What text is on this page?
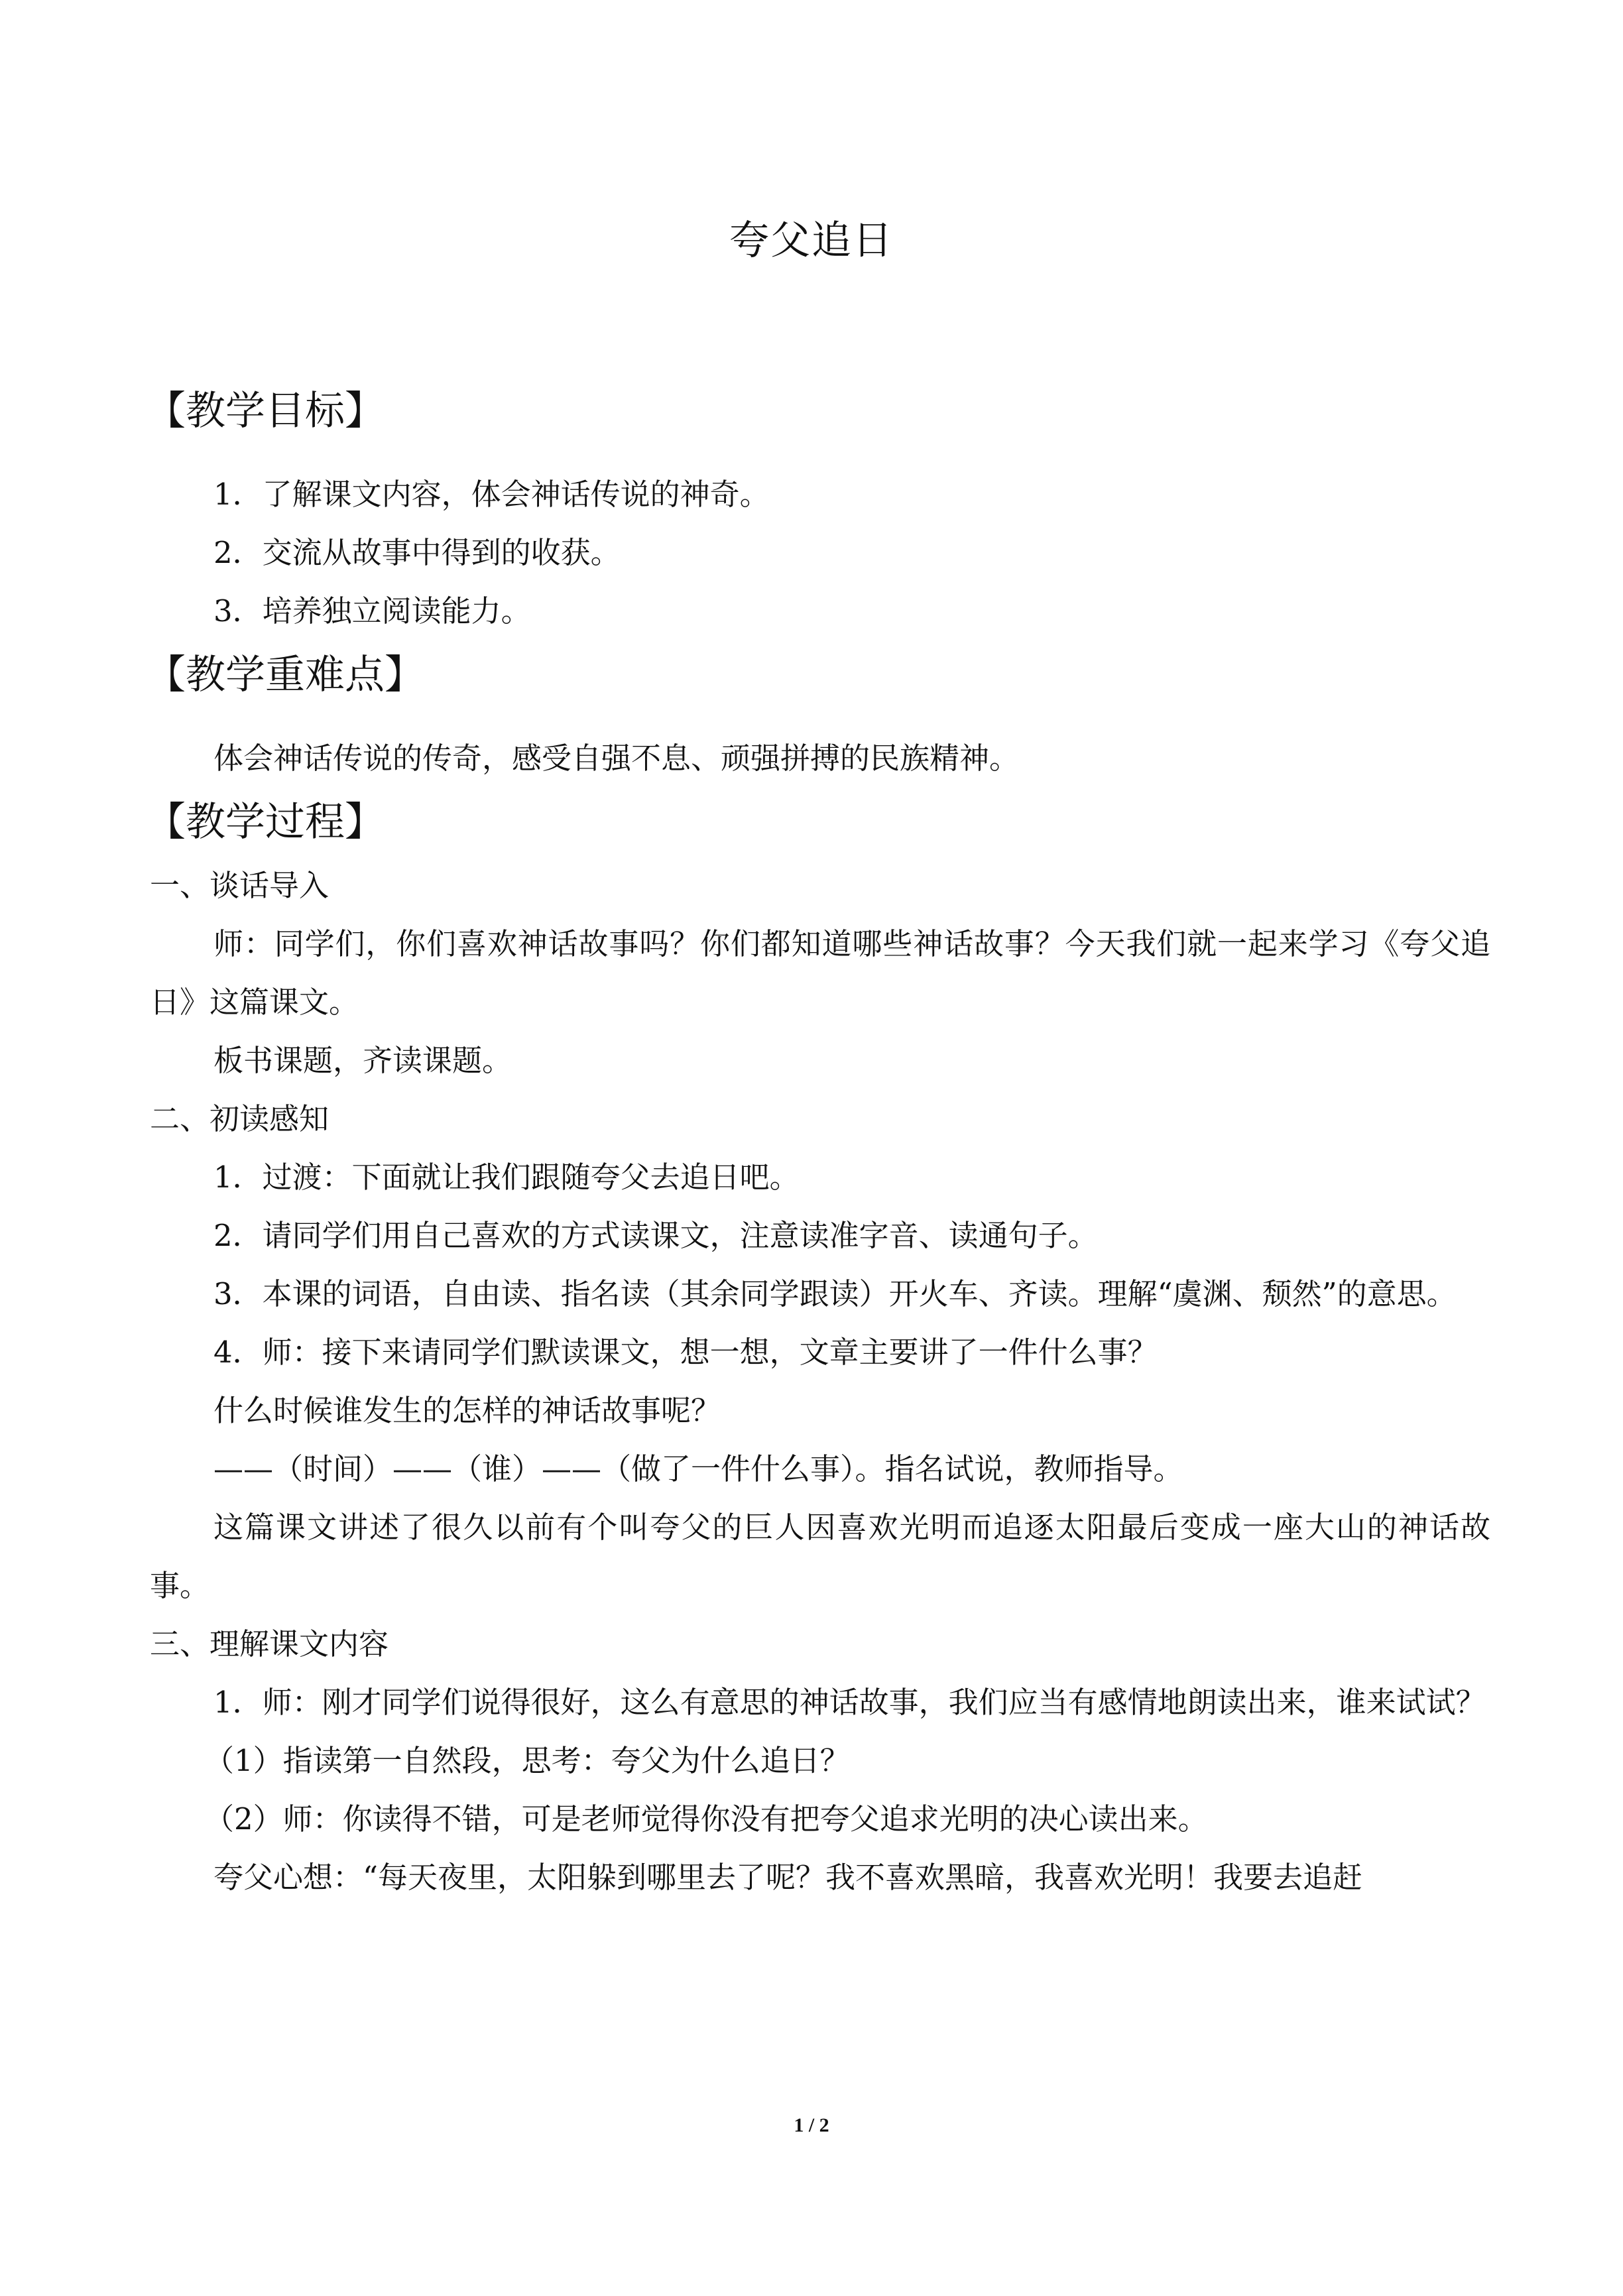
夸父追日
【教学目标】

1．了解课文内容，体会神话传说的神奇。

2．交流从故事中得到的收获。

3．培养独立阅读能力。

【教学重难点】

体会神话传说的传奇，感受自强不息、顽强拼搏的民族精神。

【教学过程】

一、谈话导入

师：同学们，你们喜欢神话故事吗？你们都知道哪些神话故事？今天我们就一起来学习《夸父追日》这篇课文。

板书课题，齐读课题。

二、初读感知

1．过渡：下面就让我们跟随夸父去追日吧。

2．请同学们用自己喜欢的方式读课文，注意读准字音、读通句子。

3．本课的词语，自由读、指名读（其余同学跟读）开火车、齐读。理解“虞渊、颓然”的意思。

4．师：接下来请同学们默读课文，想一想，文章主要讲了一件什么事？

什么时候谁发生的怎样的神话故事呢？

——（时间）——（谁）——（做了一件什么事）。指名试说，教师指导。

这篇课文讲述了很久以前有个叫夸父的巨人因喜欢光明而追逐太阳最后变成一座大山的神话故事。

三、理解课文内容

1．师：刚才同学们说得很好，这么有意思的神话故事，我们应当有感情地朗读出来，谁来试试？

（1）指读第一自然段，思考：夸父为什么追日？

（2）师：你读得不错，可是老师觉得你没有把夸父追求光明的决心读出来。

夸父心想：“每天夜里，太阳躲到哪里去了呢？我不喜欢黑暗，我喜欢光明！我要去追赶

1 / 2
